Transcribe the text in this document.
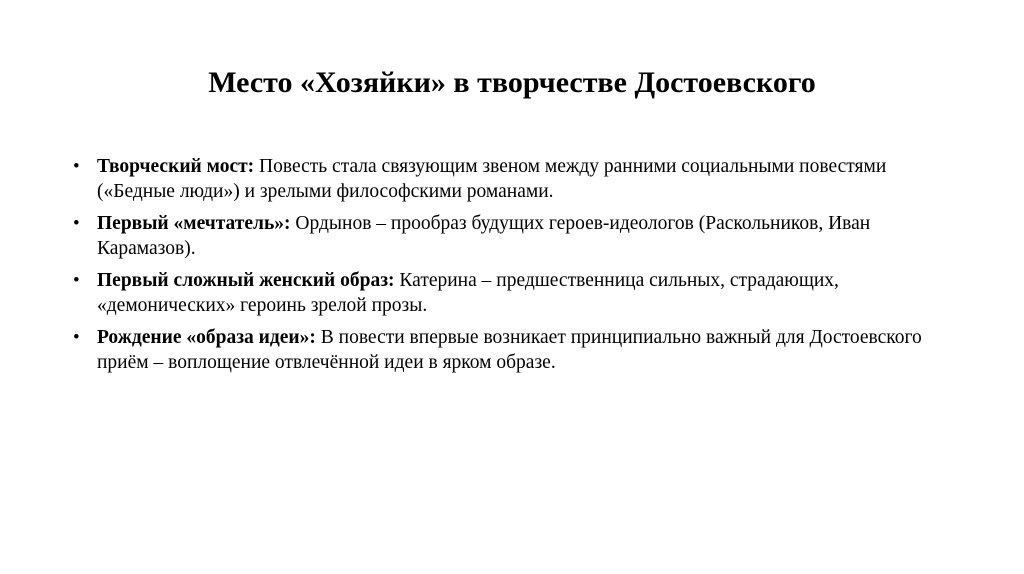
Место «Хозяйки» в творчестве Достоевского
• Творческий мост: Повесть стала связующим звеном между ранними социальными повестями («Бедные люди») и зрелыми философскими романами.
• Первый «мечтатель»: Ордынов – прообраз будущих героев-идеологов (Раскольников, Иван Карамазов).
• Первый сложный женский образ: Катерина – предшественница сильных, страдающих, «демонических» героинь зрелой прозы.
• Рождение «образа идеи»: В повести впервые возникает принципиально важный для Достоевского приём – воплощение отвлечённой идеи в ярком образе.
